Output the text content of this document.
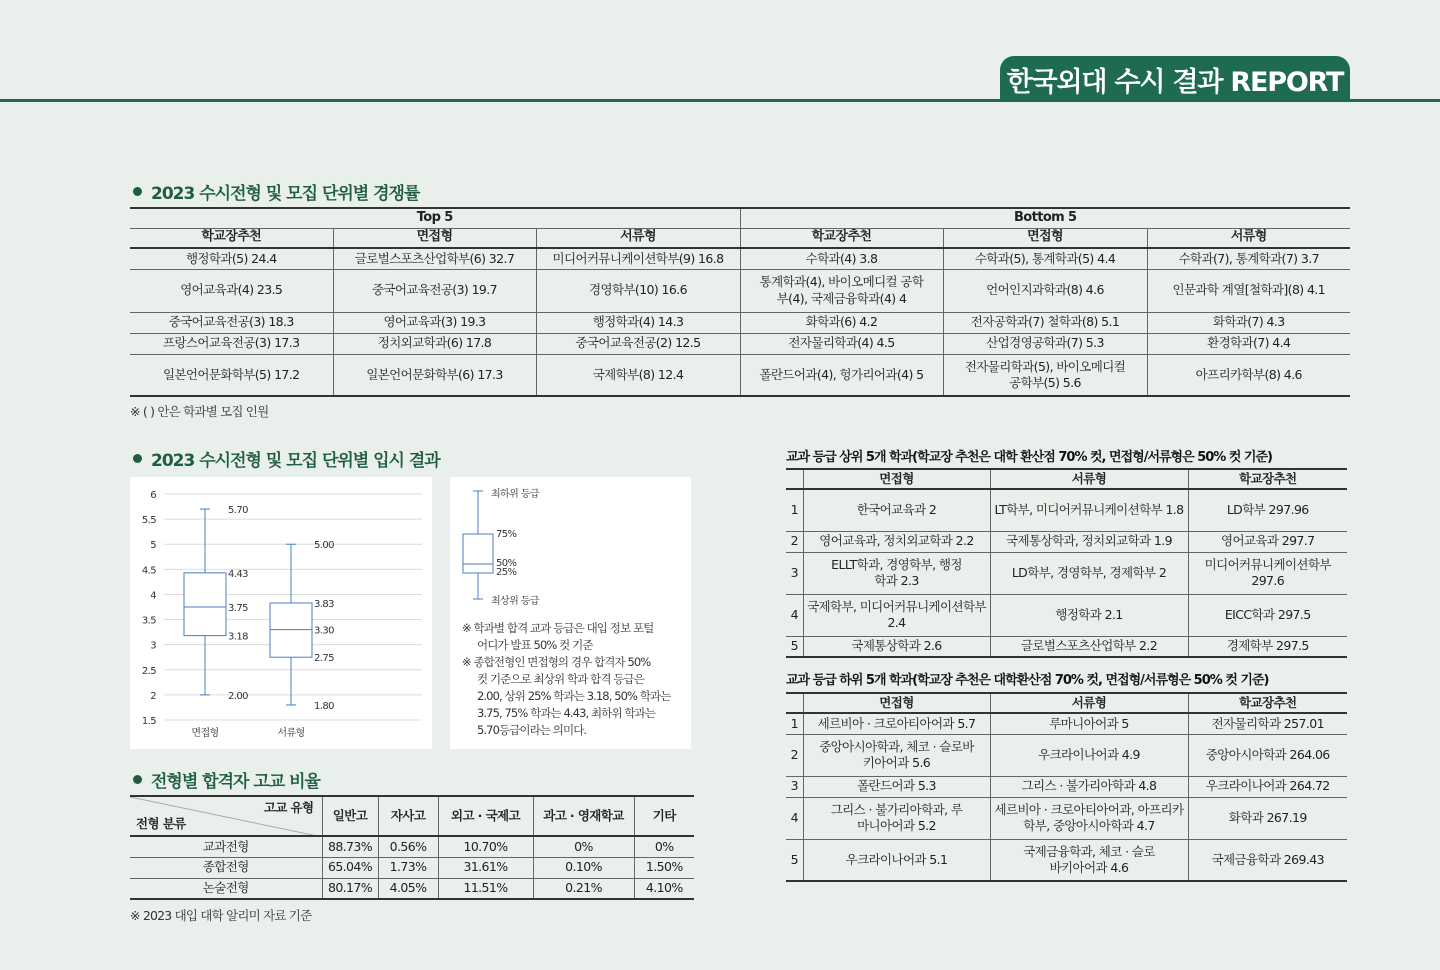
한국외대 수시 결과 REPORT
2023 수시전형 및 모집 단위별 경쟁률
Top 5			Bottom 5		
학교장추천	면접형	서류형	학교장추천	면접형	서류형
행정학과(5) 24.4	글로벌스포츠산업학부(6) 32.7	미디어커뮤니케이션학부(9) 16.8	수학과(4) 3.8	수학과(5), 통계학과(5) 4.4	수학과(7), 통계학과(7) 3.7
영어교육과(4) 23.5	중국어교육전공(3) 19.7	경영학부(10) 16.6	통계학과(4), 바이오메디컬 공학부(4), 국제금융학과(4) 4	언어인지과학과(8) 4.6	인문과학 계열[철학과](8) 4.1
중국어교육전공(3) 18.3	영어교육과(3) 19.3	행정학과(4) 14.3	화학과(6) 4.2	전자공학과(7) 철학과(8) 5.1	화학과(7) 4.3
프랑스어교육전공(3) 17.3	정치외교학과(6) 17.8	중국어교육전공(2) 12.5	전자물리학과(4) 4.5	산업경영공학과(7) 5.3	환경학과(7) 4.4
일본언어문화학부(5) 17.2	일본언어문화학부(6) 17.3	국제학부(8) 12.4	폴란드어과(4), 헝가리어과(4) 5	전자물리학과(5), 바이오메디컬공학부(5) 5.6	아프리카학부(8) 4.6
※ ( ) 안은 학과별 모집 인원
2023 수시전형 및 모집 단위별 입시 결과
1.5
2
2.5
3
3.5
4
4.5
5
5.5
6
5.70
4.43
3.75
3.18
2.00
면접형
5.00
3.83
3.30
2.75
1.80
서류형
최하위 등급
75%
50%
25%
최상위 등급
※ 학과별 합격 교과 등급은 대입 정보 포털
어디가 발표 50% 컷 기준
※ 종합전형인 면접형의 경우 합격자 50%
컷 기준으로 최상위 학과 합격 등급은
2.00, 상위 25% 학과는 3.18, 50% 학과는
3.75, 75% 학과는 4.43, 최하위 학과는
5.70등급이라는 의미다.
전형별 합격자 고교 비율
고교 유형
전형 분류	일반고	자사고	외고 · 국제고	과고 · 영재학교	기타
교과전형	88.73%	0.56%	10.70%	0%	0%
종합전형	65.04%	1.73%	31.61%	0.10%	1.50%
논술전형	80.17%	4.05%	11.51%	0.21%	4.10%
※ 2023 대입 대학 알리미 자료 기준
교과 등급 상위 5개 학과(학교장 추천은 대학 환산점 70% 컷, 면접형/서류형은 50% 컷 기준)
	면접형	서류형	학교장추천
1	한국어교육과 2	LT학부, 미디어커뮤니케이션학부 1.8	LD학부 297.96
2	영어교육과, 정치외교학과 2.2	국제통상학과, 정치외교학과 1.9	영어교육과 297.7
3	ELLT학과, 경영학부, 행정학과 2.3	LD학부, 경영학부, 경제학부 2	미디어커뮤니케이션학부 297.6
4	국제학부, 미디어커뮤니케이션학부 2.4	행정학과 2.1	EICC학과 297.5
5	국제통상학과 2.6	글로벌스포츠산업학부 2.2	경제학부 297.5
교과 등급 하위 5개 학과(학교장 추천은 대학환산점 70% 컷, 면접형/서류형은 50% 컷 기준)
	면접형	서류형	학교장추천
1	세르비아 · 크로아티아어과 5.7	루마니아어과 5	전자물리학과 257.01
2	중앙아시아학과, 체코 · 슬로바키아어과 5.6	우크라이나어과 4.9	중앙아시아학과 264.06
3	폴란드어과 5.3	그리스 · 불가리아학과 4.8	우크라이나어과 264.72
4	그리스 · 불가리아학과, 루마니아어과 5.2	세르비아 · 크로아티아어과, 아프리카학부, 중앙아시아학과 4.7	화학과 267.19
5	우크라이나어과 5.1	국제금융학과, 체코 · 슬로바키아어과 4.6	국제금융학과 269.43
